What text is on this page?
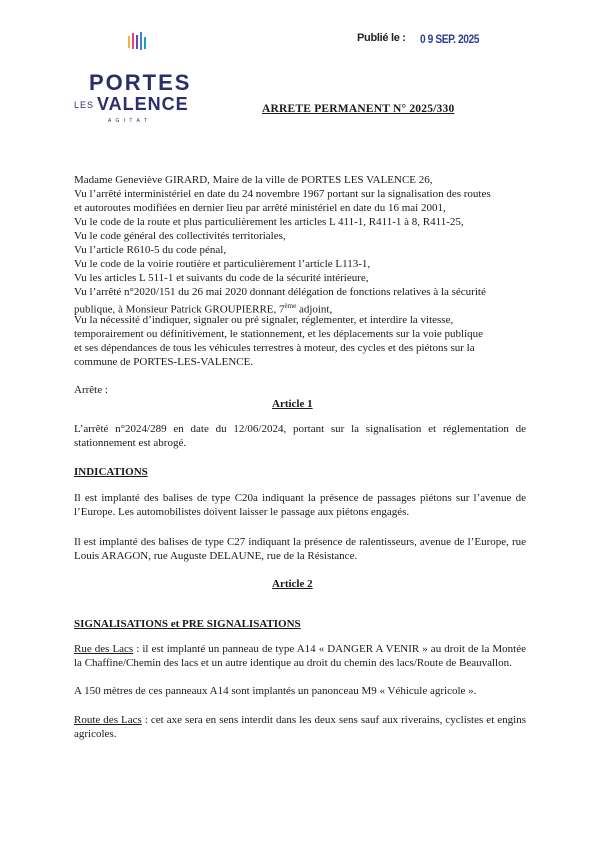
Publié le : 0 9 SEP. 2025
PORTES
LES VALENCE
A G I T A T
ARRETE PERMANENT N° 2025/330
Madame Geneviève GIRARD, Maire de la ville de PORTES LES VALENCE 26,
Vu l’arrêté interministériel en date du 24 novembre 1967 portant sur la signalisation des routes
et autoroutes modifiées en dernier lieu par arrêté ministériel en date du 16 mai 2001,
Vu le code de la route et plus particulièrement les articles L 411-1, R411-1 à 8, R411-25,
Vu le code général des collectivités territoriales,
Vu l’article R610-5 du code pénal,
Vu le code de la voirie routière et particulièrement l’article L113-1,
Vu les articles L 511-1 et suivants du code de la sécurité intérieure,
Vu l’arrêté n°2020/151 du 26 mai 2020 donnant délégation de fonctions relatives à la sécurité
publique, à Monsieur Patrick GROUPIERRE, 7ème adjoint,
Vu la nécessité d’indiquer, signaler ou pré signaler, réglementer, et interdire la vitesse,
temporairement ou définitivement, le stationnement, et les déplacements sur la voie publique
et ses dépendances de tous les véhicules terrestres à moteur, des cycles et des piétons sur la
commune de PORTES-LES-VALENCE.
Arrête :
Article 1
L’arrêté n°2024/289 en date du 12/06/2024, portant sur la signalisation et réglementation de stationnement est abrogé.
INDICATIONS
Il est implanté des balises de type C20a indiquant la présence de passages piétons sur l’avenue de l’Europe. Les automobilistes doivent laisser le passage aux piétons engagés.
Il est implanté des balises de type C27 indiquant la présence de ralentisseurs, avenue de l’Europe, rue Louis ARAGON, rue Auguste DELAUNE, rue de la Résistance.
Article 2
SIGNALISATIONS et PRE SIGNALISATIONS
Rue des Lacs : il est implanté un panneau de type A14 « DANGER A VENIR » au droit de la Montée la Chaffine/Chemin des lacs et un autre identique au droit du chemin des lacs/Route de Beauvallon.
A 150 mètres de ces panneaux A14 sont implantés un panonceau M9 « Véhicule agricole ».
Route des Lacs : cet axe sera en sens interdit dans les deux sens sauf aux riverains, cyclistes et engins agricoles.
